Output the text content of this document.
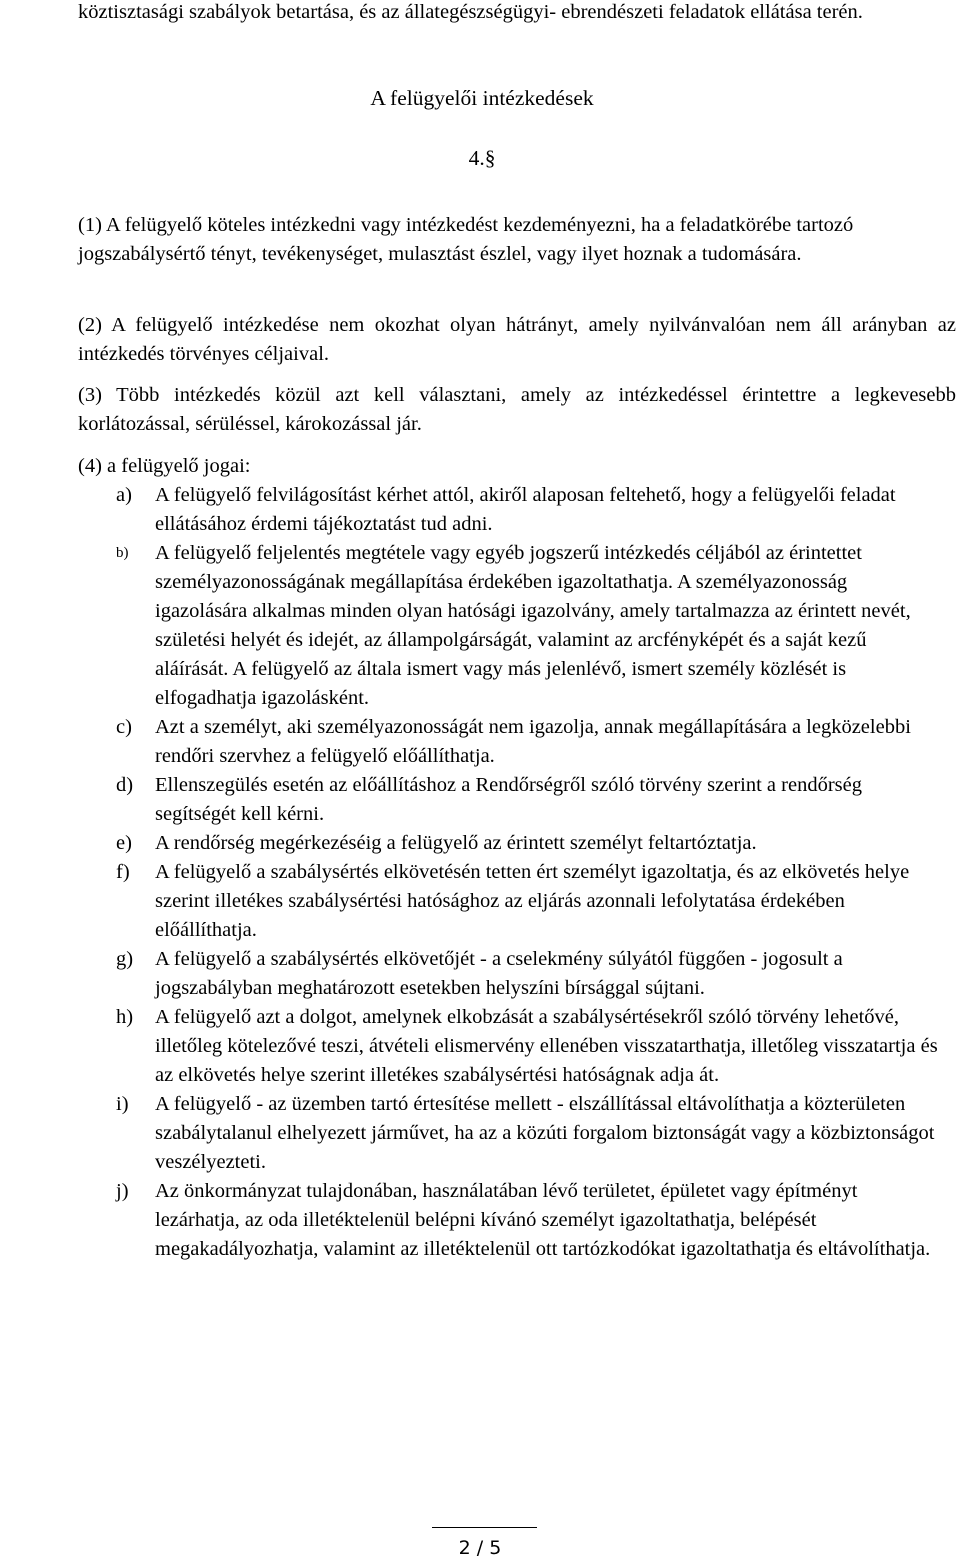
köztisztasági szabályok betartása, és az állategészségügyi- ebrendészeti feladatok ellátása terén.
A felügyelői intézkedések
4.§
(1) A felügyelő köteles intézkedni vagy intézkedést kezdeményezni, ha a feladatkörébe tartozó jogszabálysértő tényt, tevékenységet, mulasztást észlel, vagy ilyet hoznak a tudomására.
(2) A felügyelő intézkedése nem okozhat olyan hátrányt, amely nyilvánvalóan nem áll arányban az intézkedés törvényes céljaival.
(3) Több intézkedés közül azt kell választani, amely az intézkedéssel érintettre a legkevesebb korlátozással, sérüléssel, károkozással jár.
(4) a felügyelő jogai:
a)	A felügyelő felvilágosítást kérhet attól, akiről alaposan feltehető, hogy a felügyelői feladat ellátásához érdemi tájékoztatást tud adni.
b)	A felügyelő feljelentés megtétele vagy egyéb jogszerű intézkedés céljából az érintettet személyazonosságának megállapítása érdekében igazoltathatja. A személyazonosság igazolására alkalmas minden olyan hatósági igazolvány, amely tartalmazza az érintett nevét, születési helyét és idejét, az állampolgárságát, valamint az arcfényképét és a saját kezű aláírását. A felügyelő az általa ismert vagy más jelenlévő, ismert személy közlését is elfogadhatja igazolásként.
c)	Azt a személyt, aki személyazonosságát nem igazolja, annak megállapítására a legközelebbi rendőri szervhez a felügyelő előállíthatja.
d)	Ellenszegülés esetén az előállításhoz a Rendőrségről szóló törvény szerint a rendőrség segítségét kell kérni.
e)	A rendőrség megérkezéséig a felügyelő az érintett személyt feltartóztatja.
f)	A felügyelő a szabálysértés elkövetésén tetten ért személyt igazoltatja, és az elkövetés helye szerint illetékes szabálysértési hatósághoz az eljárás azonnali lefolytatása érdekében előállíthatja.
g)	A felügyelő a szabálysértés elkövetőjét - a cselekmény súlyától függően - jogosult a jogszabályban meghatározott esetekben helyszíni bírsággal sújtani.
h)	A felügyelő azt a dolgot, amelynek elkobzását a szabálysértésekről szóló törvény lehetővé, illetőleg kötelezővé teszi, átvételi elismervény ellenében visszatarthatja, illetőleg visszatartja és az elkövetés helye szerint illetékes szabálysértési hatóságnak adja át.
i)	A felügyelő - az üzemben tartó értesítése mellett - elszállítással eltávolíthatja a közterületen szabálytalanul elhelyezett járművet, ha az a közúti forgalom biztonságát vagy a közbiztonságot veszélyezteti.
j)	Az önkormányzat tulajdonában, használatában lévő területet, épületet vagy építményt lezárhatja, az oda illetéktelenül belépni kívánó személyt igazoltathatja, belépését megakadályozhatja, valamint az illetéktelenül ott tartózkodókat igazoltathatja és eltávolíthatja.
2 / 5
